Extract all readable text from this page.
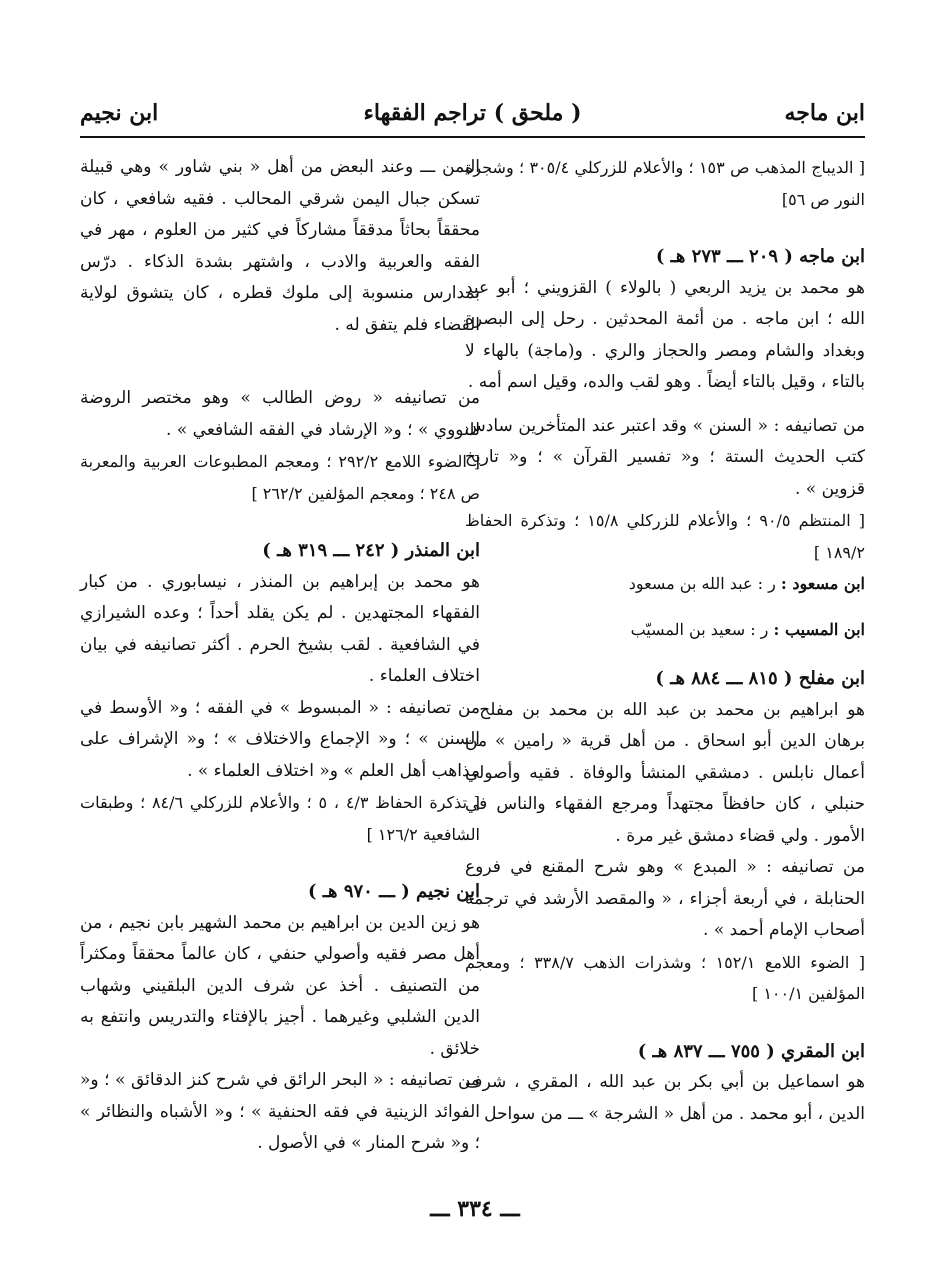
ابن ماجه
( ملحق ) تراجم الفقهاء
ابن نجيم

[ الديباج المذهب ص ١٥٣ ؛ والأعلام للزركلي ٣٠٥/٤ ؛ وشجرة النور ص ٥٦]

ابن ماجه ( ٢٠٩ ـــ ٢٧٣ هـ )

هو محمد بن يزيد الربعي ( بالولاء ) القزويني ؛ أبو عبد الله ؛ ابن ماجه . من أئمة المحدثين . رحل إلى البصرة وبغداد والشام ومصر والحجاز والري . و(ماجة) بالهاء لا بالتاء ، وقيل بالتاء أيضاً . وهو لقب والده، وقيل اسم أمه .

من تصانيفه : « السنن » وقد اعتبر عند المتأخرين سادس كتب الحديث الستة ؛ و« تفسير القرآن » ؛ و« تاريخ قزوين » .

[ المنتظم ٩٠/٥ ؛ والأعلام للزركلي ١٥/٨ ؛ وتذكرة الحفاظ ١٨٩/٢ ]

ابن مسعود : ر : عبد الله بن مسعود

ابن المسيب : ر : سعيد بن المسيّب

ابن مفلح ( ٨١٥ ـــ ٨٨٤ هـ )

هو ابراهيم بن محمد بن عبد الله بن محمد بن مفلح ، برهان الدين أبو اسحاق . من أهل قرية « رامين » من أعمال نابلس . دمشقي المنشأ والوفاة . فقيه وأصولي حنبلي ، كان حافظاً مجتهداً ومرجع الفقهاء والناس في الأمور . ولي قضاء دمشق غير مرة .

من تصانيفه : « المبدع » وهو شرح المقنع في فروع الحنابلة ، في أربعة أجزاء ، « والمقصد الأرشد في ترجمة أصحاب الإمام أحمد » .

[ الضوء اللامع ١٥٢/١ ؛ وشذرات الذهب ٣٣٨/٧ ؛ ومعجم المؤلفين ١٠٠/١ ]

ابن المقري ( ٧٥٥ ـــ ٨٣٧ هـ )

هو اسماعيل بن أبي بكر بن عبد الله ، المقري ، شرف الدين ، أبو محمد . من أهل « الشرجة » ـــ من سواحل

اليمن ـــ وعند البعض من أهل « بني شاور » وهي قبيلة تسكن جبال اليمن شرقي المحالب . فقيه شافعي ، كان محققاً بحاثاً مدققاً مشاركاً في كثير من العلوم ، مهر في الفقه والعربية والادب ، واشتهر بشدة الذكاء . درّس بمدارس منسوبة إلى ملوك قطره ، كان يتشوق لولاية القضاء فلم يتفق له .

من تصانيفه « روض الطالب » وهو مختصر الروضة للنووي » ؛ و« الإرشاد في الفقه الشافعي » .

[ الضوء اللامع ٢٩٢/٢ ؛ ومعجم المطبوعات العربية والمعربة ص ٢٤٨ ؛ ومعجم المؤلفين ٢٦٢/٢ ]

ابن المنذر ( ٢٤٢ ـــ ٣١٩ هـ )

هو محمد بن إبراهيم بن المنذر ، نيسابوري . من كبار الفقهاء المجتهدين . لم يكن يقلد أحداً ؛ وعده الشيرازي في الشافعية . لقب بشيخ الحرم . أكثر تصانيفه في بيان اختلاف العلماء .

من تصانيفه : « المبسوط » في الفقه ؛ و« الأوسط في السنن » ؛ و« الإجماع والاختلاف » ؛ و« الإشراف على مذاهب أهل العلم » و« اختلاف العلماء » .

[ تذكرة الحفاظ ٤/٣ ، ٥ ؛ والأعلام للزركلي ٨٤/٦ ؛ وطبقات الشافعية ١٢٦/٢ ]

ابن نجيم ( ـــ ٩٧٠ هـ )

هو زين الدين بن ابراهيم بن محمد الشهير بابن نجيم ، من أهل مصر فقيه وأصولي حنفي ، كان عالماً محققاً ومكثراً من التصنيف . أخذ عن شرف الدين البلقيني وشهاب الدين الشلبي وغيرهما . أجيز بالإفتاء والتدريس وانتفع به خلائق .

من تصانيفه : « البحر الرائق في شرح كنز الدقائق » ؛ و« الفوائد الزينية في فقه الحنفية » ؛ و« الأشباه والنظائر » ؛ و« شرح المنار » في الأصول .

ـــ ٣٣٤ ـــ
